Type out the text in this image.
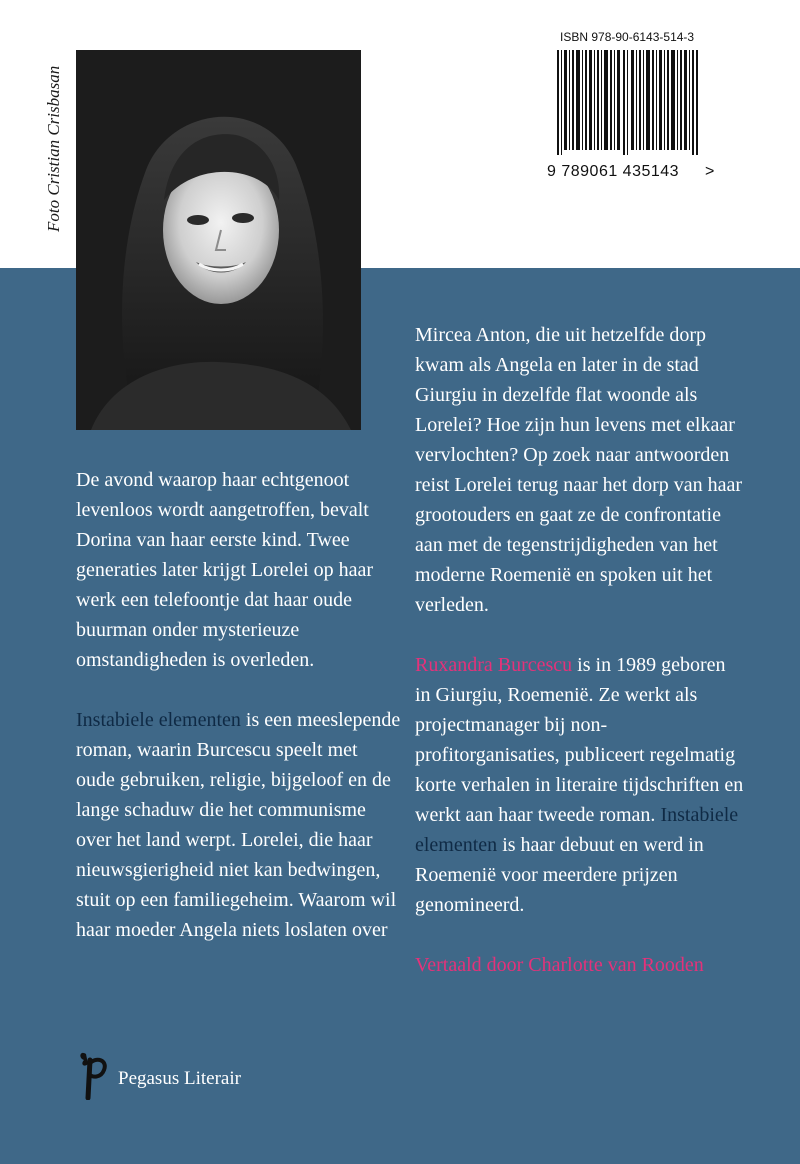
Foto Cristian Crisbasan
ISBN 978-90-6143-514-3
9 789061 435143	>

De avond waarop haar echtgenoot levenloos wordt aangetroffen, bevalt Dorina van haar eerste kind. Twee generaties later krijgt Lorelei op haar werk een telefoontje dat haar oude buurman onder mysterieuze omstandigheden is overleden.

Instabiele elementen is een meeslepende roman, waarin Burcescu speelt met oude gebruiken, religie, bijgeloof en de lange schaduw die het communisme over het land werpt. Lorelei, die haar nieuwsgierigheid niet kan bedwingen, stuit op een familiegeheim. Waarom wil haar moeder Angela niets loslaten over

Mircea Anton, die uit hetzelfde dorp kwam als Angela en later in de stad Giurgiu in dezelfde flat woonde als Lorelei? Hoe zijn hun levens met elkaar vervlochten? Op zoek naar antwoorden reist Lorelei terug naar het dorp van haar grootouders en gaat ze de confrontatie aan met de tegenstrijdigheden van het moderne Roemenië en spoken uit het verleden.

Ruxandra Burcescu is in 1989 geboren in Giurgiu, Roemenië. Ze werkt als projectmanager bij non-profitorganisaties, publiceert regelmatig korte verhalen in literaire tijdschriften en werkt aan haar tweede roman. Instabiele elementen is haar debuut en werd in Roemenië voor meerdere prijzen genomineerd.

Vertaald door Charlotte van Rooden

Pegasus Literair
